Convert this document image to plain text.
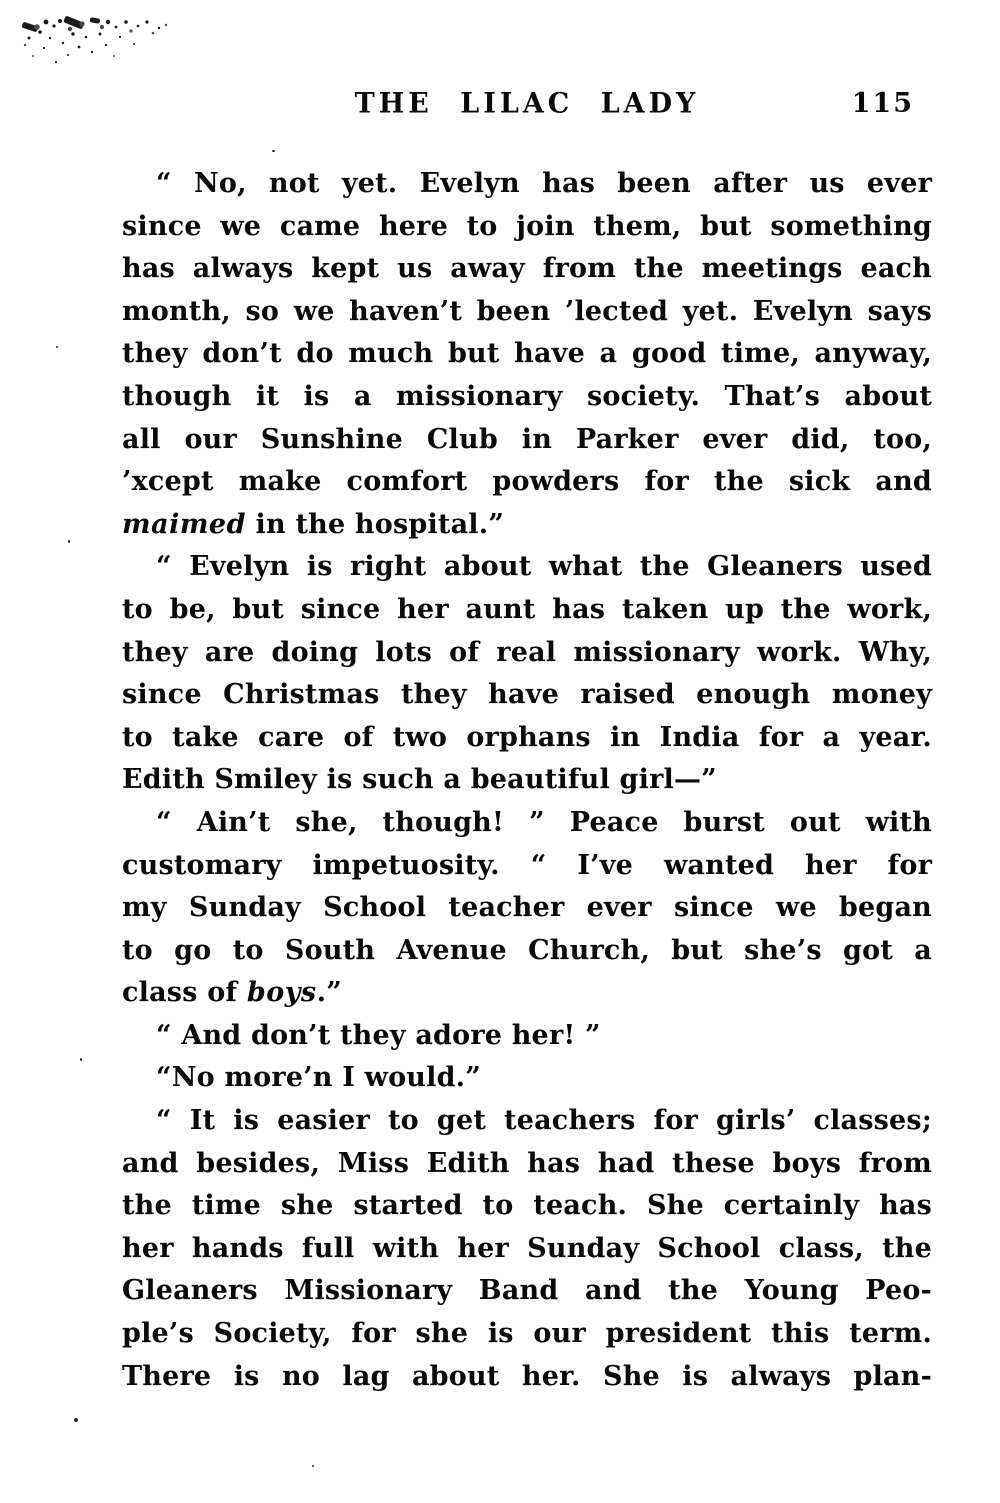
THE LILAC LADY	115
“ No, not yet. Evelyn has been after us ever
since we came here to join them, but something
has always kept us away from the meetings each
month, so we haven’t been ’lected yet. Evelyn says
they don’t do much but have a good time, anyway,
though it is a missionary society. That’s about
all our Sunshine Club in Parker ever did, too,
’xcept make comfort powders for the sick and
maimed in the hospital.”
“ Evelyn is right about what the Gleaners used
to be, but since her aunt has taken up the work,
they are doing lots of real missionary work. Why,
since Christmas they have raised enough money
to take care of two orphans in India for a year.
Edith Smiley is such a beautiful girl—”
“ Ain’t she, though! ” Peace burst out with
customary impetuosity. “ I’ve wanted her for
my Sunday School teacher ever since we began
to go to South Avenue Church, but she’s got a
class of boys.”
“ And don’t they adore her! ”
“No more’n I would.”
“ It is easier to get teachers for girls’ classes;
and besides, Miss Edith has had these boys from
the time she started to teach. She certainly has
her hands full with her Sunday School class, the
Gleaners Missionary Band and the Young Peo-
ple’s Society, for she is our president this term.
There is no lag about her. She is always plan-
